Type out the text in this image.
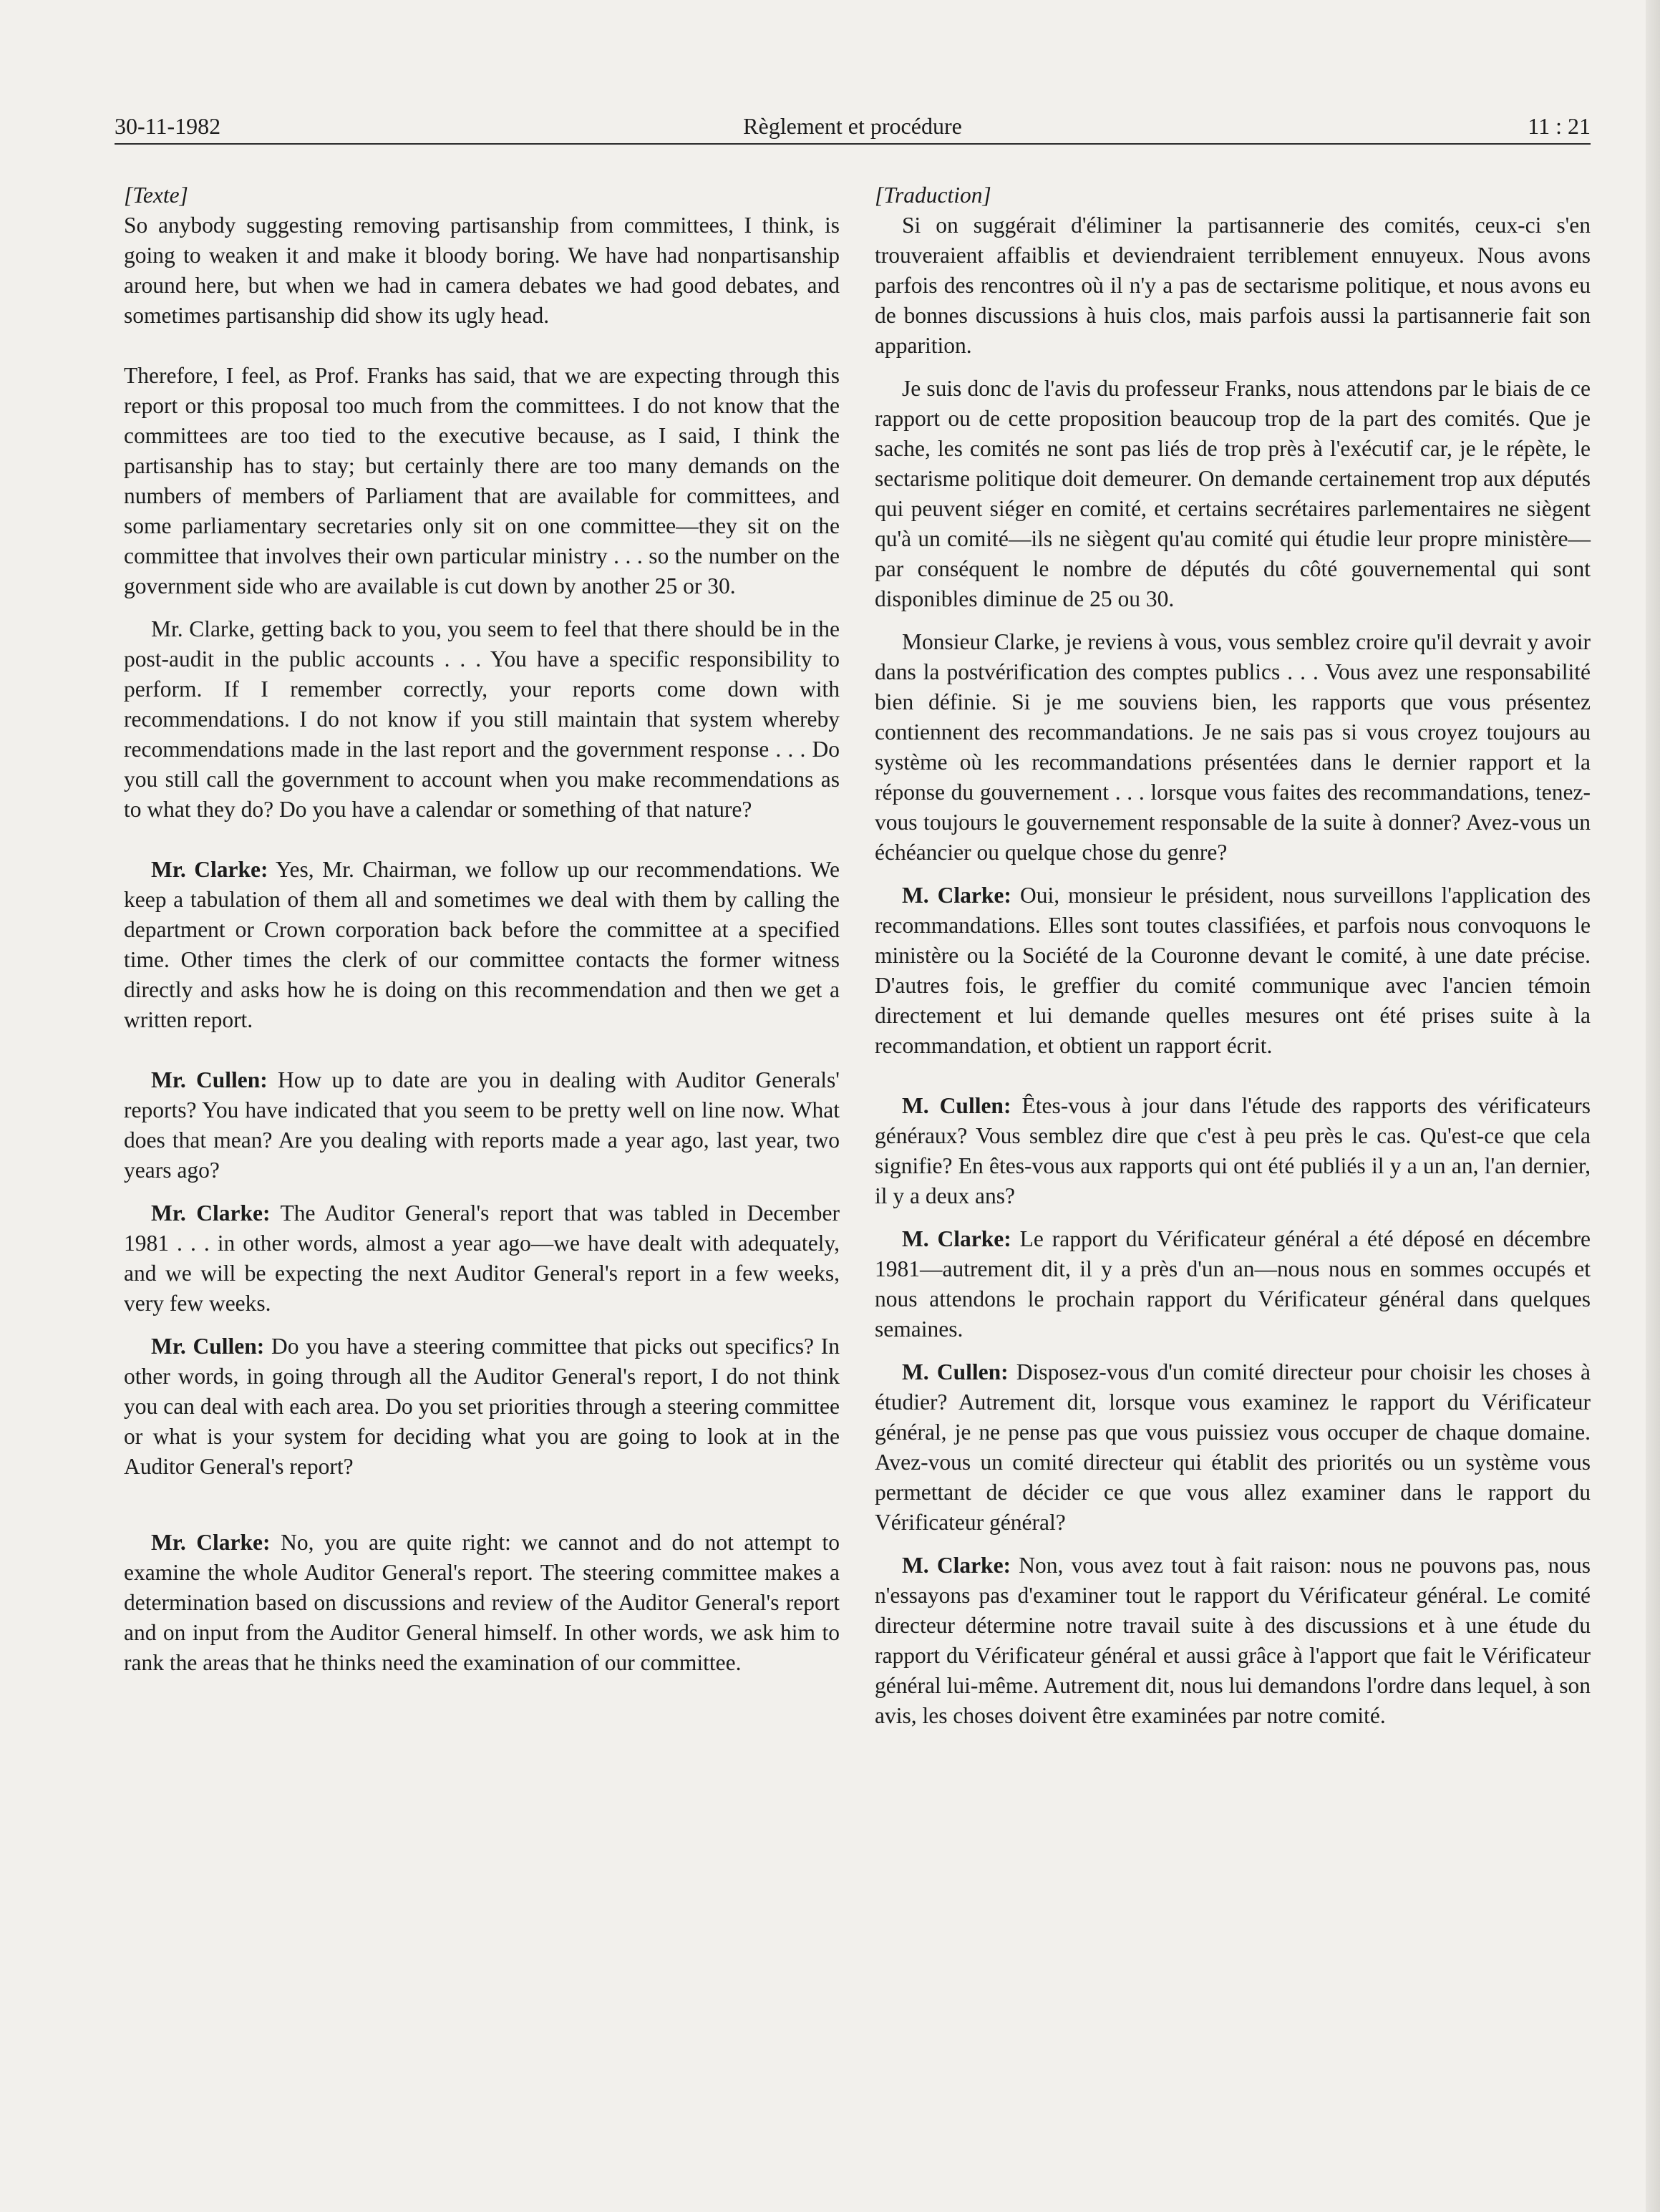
30-11-1982	Règlement et procédure	11 : 21

[Texte]

So anybody suggesting removing partisanship from committees, I think, is going to weaken it and make it bloody boring. We have had nonpartisanship around here, but when we had in camera debates we had good debates, and sometimes partisanship did show its ugly head.

Therefore, I feel, as Prof. Franks has said, that we are expecting through this report or this proposal too much from the committees. I do not know that the committees are too tied to the executive because, as I said, I think the partisanship has to stay; but certainly there are too many demands on the numbers of members of Parliament that are available for committees, and some parliamentary secretaries only sit on one committee—they sit on the committee that involves their own particular ministry . . . so the number on the government side who are available is cut down by another 25 or 30.

Mr. Clarke, getting back to you, you seem to feel that there should be in the post-audit in the public accounts . . . You have a specific responsibility to perform. If I remember correctly, your reports come down with recommendations. I do not know if you still maintain that system whereby recommendations made in the last report and the government response . . . Do you still call the government to account when you make recommendations as to what they do? Do you have a calendar or something of that nature?

Mr. Clarke: Yes, Mr. Chairman, we follow up our recommendations. We keep a tabulation of them all and sometimes we deal with them by calling the department or Crown corporation back before the committee at a specified time. Other times the clerk of our committee contacts the former witness directly and asks how he is doing on this recommendation and then we get a written report.

Mr. Cullen: How up to date are you in dealing with Auditor Generals' reports? You have indicated that you seem to be pretty well on line now. What does that mean? Are you dealing with reports made a year ago, last year, two years ago?

Mr. Clarke: The Auditor General's report that was tabled in December 1981 . . . in other words, almost a year ago—we have dealt with adequately, and we will be expecting the next Auditor General's report in a few weeks, very few weeks.

Mr. Cullen: Do you have a steering committee that picks out specifics? In other words, in going through all the Auditor General's report, I do not think you can deal with each area. Do you set priorities through a steering committee or what is your system for deciding what you are going to look at in the Auditor General's report?

Mr. Clarke: No, you are quite right: we cannot and do not attempt to examine the whole Auditor General's report. The steering committee makes a determination based on discussions and review of the Auditor General's report and on input from the Auditor General himself. In other words, we ask him to rank the areas that he thinks need the examination of our committee.

[Traduction]

Si on suggérait d'éliminer la partisannerie des comités, ceux-ci s'en trouveraient affaiblis et deviendraient terriblement ennuyeux. Nous avons parfois des rencontres où il n'y a pas de sectarisme politique, et nous avons eu de bonnes discussions à huis clos, mais parfois aussi la partisannerie fait son apparition.

Je suis donc de l'avis du professeur Franks, nous attendons par le biais de ce rapport ou de cette proposition beaucoup trop de la part des comités. Que je sache, les comités ne sont pas liés de trop près à l'exécutif car, je le répète, le sectarisme politique doit demeurer. On demande certainement trop aux députés qui peuvent siéger en comité, et certains secrétaires parlementaires ne siègent qu'à un comité—ils ne siègent qu'au comité qui étudie leur propre ministère—par conséquent le nombre de députés du côté gouvernemental qui sont disponibles diminue de 25 ou 30.

Monsieur Clarke, je reviens à vous, vous semblez croire qu'il devrait y avoir dans la postvérification des comptes publics . . . Vous avez une responsabilité bien définie. Si je me souviens bien, les rapports que vous présentez contiennent des recommandations. Je ne sais pas si vous croyez toujours au système où les recommandations présentées dans le dernier rapport et la réponse du gouvernement . . . lorsque vous faites des recommandations, tenez-vous toujours le gouvernement responsable de la suite à donner? Avez-vous un échéancier ou quelque chose du genre?

M. Clarke: Oui, monsieur le président, nous surveillons l'application des recommandations. Elles sont toutes classifiées, et parfois nous convoquons le ministère ou la Société de la Couronne devant le comité, à une date précise. D'autres fois, le greffier du comité communique avec l'ancien témoin directement et lui demande quelles mesures ont été prises suite à la recommandation, et obtient un rapport écrit.

M. Cullen: Êtes-vous à jour dans l'étude des rapports des vérificateurs généraux? Vous semblez dire que c'est à peu près le cas. Qu'est-ce que cela signifie? En êtes-vous aux rapports qui ont été publiés il y a un an, l'an dernier, il y a deux ans?

M. Clarke: Le rapport du Vérificateur général a été déposé en décembre 1981—autrement dit, il y a près d'un an—nous nous en sommes occupés et nous attendons le prochain rapport du Vérificateur général dans quelques semaines.

M. Cullen: Disposez-vous d'un comité directeur pour choisir les choses à étudier? Autrement dit, lorsque vous examinez le rapport du Vérificateur général, je ne pense pas que vous puissiez vous occuper de chaque domaine. Avez-vous un comité directeur qui établit des priorités ou un système vous permettant de décider ce que vous allez examiner dans le rapport du Vérificateur général?

M. Clarke: Non, vous avez tout à fait raison: nous ne pouvons pas, nous n'essayons pas d'examiner tout le rapport du Vérificateur général. Le comité directeur détermine notre travail suite à des discussions et à une étude du rapport du Vérificateur général et aussi grâce à l'apport que fait le Vérificateur général lui-même. Autrement dit, nous lui demandons l'ordre dans lequel, à son avis, les choses doivent être examinées par notre comité.
